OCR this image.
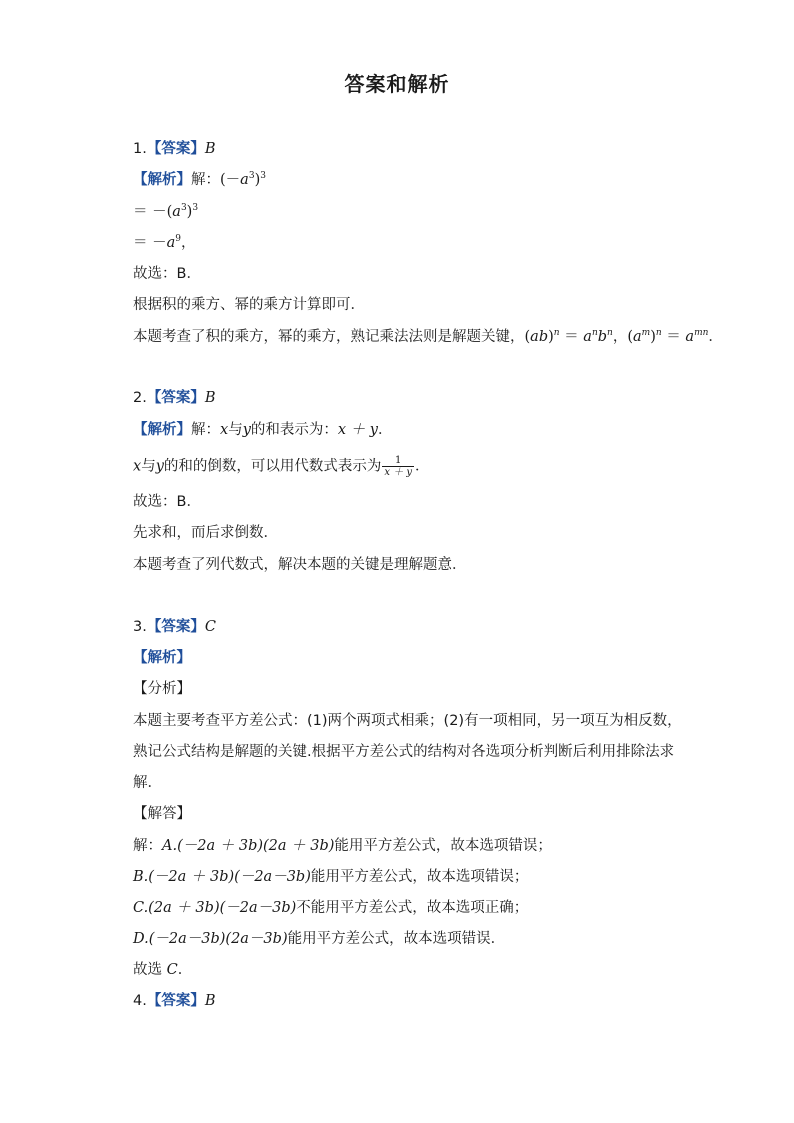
答案和解析
1.【答案】B
【解析】解：$(-a^3)^3$
＝ $-(a^3)^3$
＝ $-a^9$，
故选：B．
根据积的乘方、幂的乘方计算即可．
本题考查了积的乘方，幂的乘方，熟记乘法法则是解题关键，$(ab)^n = a^nb^n$，$(a^m)^n = a^{mn}$．
2.【答案】B
【解析】解：x与y的和表示为：x ＋ y．
x与y的和的倒数，可以用代数式表示为 $\frac{1}{x + y}$ ．
故选：B．
先求和，而后求倒数．
本题考查了列代数式，解决本题的关键是理解题意．
3.【答案】C
【解析】
【分析】
本题主要考查平方差公式：(1)两个两项式相乘；(2)有一项相同，另一项互为相反数，
熟记公式结构是解题的关键.根据平方差公式的结构对各选项分析判断后利用排除法求
解．
【解答】
解：A.(－2a ＋ 3b)(2a ＋ 3b)能用平方差公式，故本选项错误；
B.(－2a ＋ 3b)(－2a－3b)能用平方差公式，故本选项错误；
C.(2a ＋ 3b)(－2a－3b)不能用平方差公式，故本选项正确；
D.(－2a－3b)(2a－3b)能用平方差公式，故本选项错误．
故选 C．
4.【答案】B
